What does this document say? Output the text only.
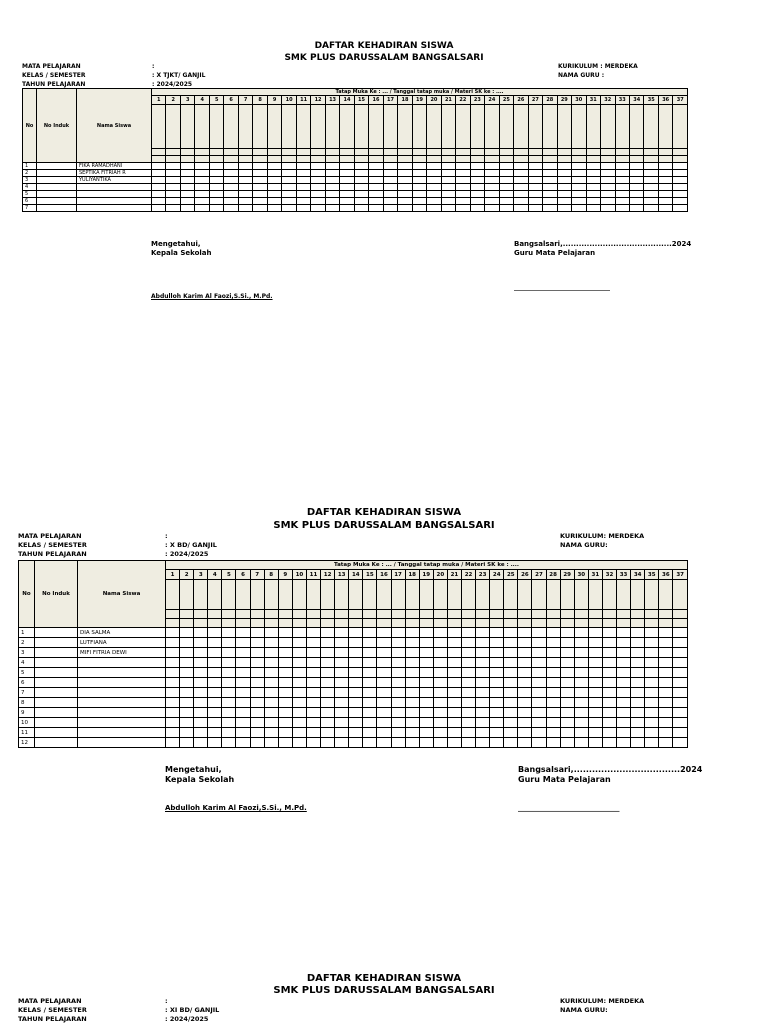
DAFTAR KEHADIRAN SISWA
SMK PLUS DARUSSALAM BANGSALSARI
MATA PELAJARAN	:
KELAS / SEMESTER	: X TJKT/ GANJIL
TAHUN PELAJARAN	: 2024/2025
KURIKULUM : MERDEKA
NAMA GURU :
No	No Induk	Nama Siswa	Tatap Muka Ke : ... / Tanggal tatap muka / Materi SK ke : ....																																				
			1	2	3	4	5	6	7	8	9	10	11	12	13	14	15	16	17	18	19	20	21	22	23	24	25	26	27	28	29	30	31	32	33	34	35	36	37

1		FIKA RAMADHANI																																					
2		SEPTIKA FITRIAH R																																					
3		YULIYANTIKA																																					
4																																							
5																																							
6																																							
7																																							
Mengetahui,
Kepala Sekolah
Abdulloh Karim Al Faozi,S.Si., M.Pd.
Bangsalsari,.........................................2024
Guru Mata Pelajaran
________________________________
DAFTAR KEHADIRAN SISWA
SMK PLUS DARUSSALAM BANGSALSARI
MATA PELAJARAN	:
KELAS / SEMESTER	: X BD/ GANJIL
TAHUN PELAJARAN	: 2024/2025
KURIKULUM: MERDEKA
NAMA GURU:
No	No Induk	Nama Siswa	Tatap Muka Ke : ... / Tanggal tatap muka / Materi SK ke : ....																																				
			1	2	3	4	5	6	7	8	9	10	11	12	13	14	15	16	17	18	19	20	21	22	23	24	25	26	27	28	29	30	31	32	33	34	35	36	37

1		DIA SALMA																																					
2		LUTFIANA																																					
3		MIFI FITRIA DEWI																																					
4																																							
5																																							
6																																							
7																																							
8																																							
9																																							
10																																							
11																																							
12																																							
Mengetahui,
Kepala Sekolah
Abdulloh Karim Al Faozi,S.Si., M.Pd.
Bangsalsari,...................................2024
Guru Mata Pelajaran
_____________________________
DAFTAR KEHADIRAN SISWA
SMK PLUS DARUSSALAM BANGSALSARI
MATA PELAJARAN	:
KELAS / SEMESTER	: XI BD/ GANJIL
TAHUN PELAJARAN	: 2024/2025
KURIKULUM: MERDEKA
NAMA GURU:
